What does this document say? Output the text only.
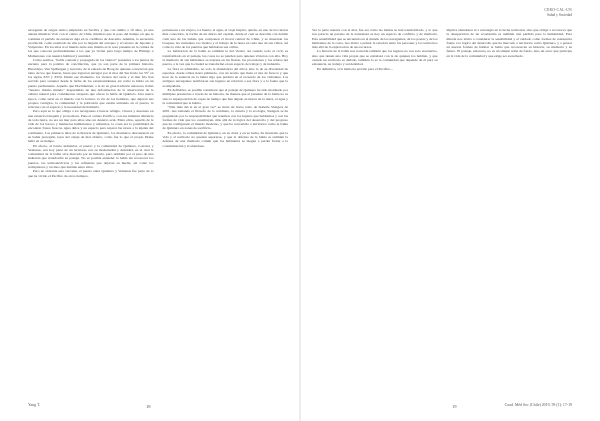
navegante de origen nativo empleado en Sevilla, y que con rumbo a 19 años, ya una antena mientras vivir con el centro de Chile, mientras que el paso del tiempo en que la conmuta el partido de entonces deja en la cordillera de Atacama. Además, la encuentra provincial, como resultado de ella por la llegada del europeo y el retorno de Japonés y Valparaíso. En los años sí el mundo entre este mismo es la nota presente en la cultura de los que conocen profundamente a los que ya vivían para largo tiempo de Hidalgo a Mamaroneo con nuestra habitual y santidad.

Como seamos, “habla contada y propagada de los vientos” presentes a los puntos de encanto para la palabra de conciliación, que ya son parte de la primera historia, Haroldeys, Van Spilbergen y Gerardo, de la entrada de Hoag de quienes conocieron que tanto de los que fueron, hasta que lograron navegar por el mar del Sur hacia los 55° en los siglos XVI y XVII. Desde ese momento, los vientos del oeste y el mar frío han servido para sostener desde la lucha de los estadounidenses así como la habla en un puerto permanente. Aquello que Hochthanner, a la de su gran tradición entonces, llamó “nuestro mismo mundo” desprendido de una deformación de la observación de la cultura natural para considerarse atrapado que ofrece la habla de Quintero. Una nueva época, como sería en el mundo con la lectura, la vía de los hombres, que dejaron sus propios vestigios, la comunidad y la población que estaba entrando en el puerto, la relación con el espacio y la necesidad de habitarlo.

Pero aquí es lo que obliga a los navegantes a buscar refugio, víveres y descanso en una estancia tranquila y provechosa. Pues el océano Pacífico, con esa inmensa distancia de toda tierra, no era un mar para ellos sino un desierto azul. Entre ellos, aquello de la vida de los barcos y marineros hambrientos y enfermos, la costa era la posibilidad de encontrar frutos frescos, agua dulce y un espacio para reparar las naves a la lejanía del continente. Los primeros años de la historia de Quintero, los marineros descansaron en su bahía protegida, lejos del oleaje de mar abierto, como fue lo que el propio Drake halló en su tiempo.

En efecto, el barrio industrial, el puerto y la comunidad de Quintero, Loncura y Ventanas, son hoy parte de un territorio con su modernidad y densidad, en el cual la comunidad de la bahía vive marcada por su historia, pero también por el peso de una industria que transformó su paisaje. No es posible entender la bahía sin reconocer los puertos, las termoeléctricas y las refinerías que dejaron su huella, así como los trabajadores y vecinos que habitan entre ellos.

Pero no obstante esta cercanía, el puerto entre Quintero y Ventanas fue parte de lo que ha vivido el Pacífico de otros tiempos.

pertenecen a un viajero. La huerta, el agua, el viaje inspiró, quizás, en uno de los relatos más conocidos, la forma de un diario del capitán, desde el cual se describe con detalle cada una de las bahías que componen el litoral central de Chile, y se muestran los bosques, las vertientes, los vientos y el trabajo de la tierra en cada uno de sus valles, así como la vida de los pueblos que habitaban sus orillas.

La habitación de la bahía es también la del viento; así cuando todo el ciclo es transformado en el paisaje, las cosas no se pierden para quienes vivieron con ella. Hoy la memoria de sus habitantes se expresa en las fiestas, las procesiones y los relatos del puerto, a la vez que la ciudad se transformó en un espacio de trabajo y de industria.

La flora es admirable, no solo la abundancia del árbol, sino la de su diversidad de especies, desde robles hasta palmeras, con un aroma que llena el aire de frescor y que hace de la estancia en la bahía algo que perdura en el recuerdo de los visitantes. Los antiguos navegantes nombraron sus lugares en relación a esa flora y a la fauna que la acompañaba.

En definitiva, es posible considerar que el paisaje de Quintero ha sido moldeado por múltiples presencias a través de su historia, de manera que el presente de la bahía no es sino la superposición de capas de tiempo que han dejado su marca en la tierra, el agua y la comunidad que la habita.

“Nila iluís del sí en el gran ver” se titula un breve texto de Isabelle Stengers de 2001. Así tomando el filósofo de lo cotidiano, la ciencia y la ecología, Stengers se ha preguntado por la responsabilidad que tenemos con los lugares que habitamos y con las formas de vida que los constituyen, más allá de la lógica del desarrollo y del progreso que ha configurado el mundo moderno, y que ha convertido a territorios como la bahía de Quintero en zonas de sacrificio.

En efecto, la comunidad de Quintero, en su dolor y en su lucha, ha mostrado que la vida y el territorio no pueden separarse, y que la defensa de la bahía es también la defensa de una memoria común que los habitantes se niegan a perder frente a la contaminación y el abandono.

Yang T.	18
CERO-CAL-UN
Salud y Sociedad

Ver la parte nuestra con el mar, fue así como las bahías se han transformado, y lo que nos parecía un paraíso de la naturaleza es hoy un espacio de conflicto y de memoria. Esta sensibilidad que se encuentra en el mundo de los navegantes, de los poetas y de los habitantes de la costa, nos invita a pensar la relación entre las personas y los territorios más allá de la explotación de sus recursos.

La historia de la bahía nos recuerda también que los lugares no son solo escenarios, sino que tienen una vida propia que se entrelaza con la de quienes los habitan, y que cuando un territorio es dañado, también lo es la comunidad que depende de él para su existencia, su trabajo y su identidad.

En definitiva, si la bahía ha servido para el Pacífico...

implica abandonar el a estrategia en la lucha territorial, sino que obliga a reconocer que la desaparición de un ecosistema es también una pérdida para la humanidad. Esta mirada nos invita a considerar la sensibilidad y el cuidado como formas de resistencia frente a la lógica del desarrollo que ha marcado a territorios como Quintero, y a pensar en nuevas formas de habitar la bahía que reconozcan su historia, su memoria y su futuro. El paisaje, entonces, no es un simple telón de fondo, sino un actor que participa en la vida de la comunidad y que exige ser escuchado.

19	Cuad. Méd Soc (Chile) 2019, 59 (1): 17-19
